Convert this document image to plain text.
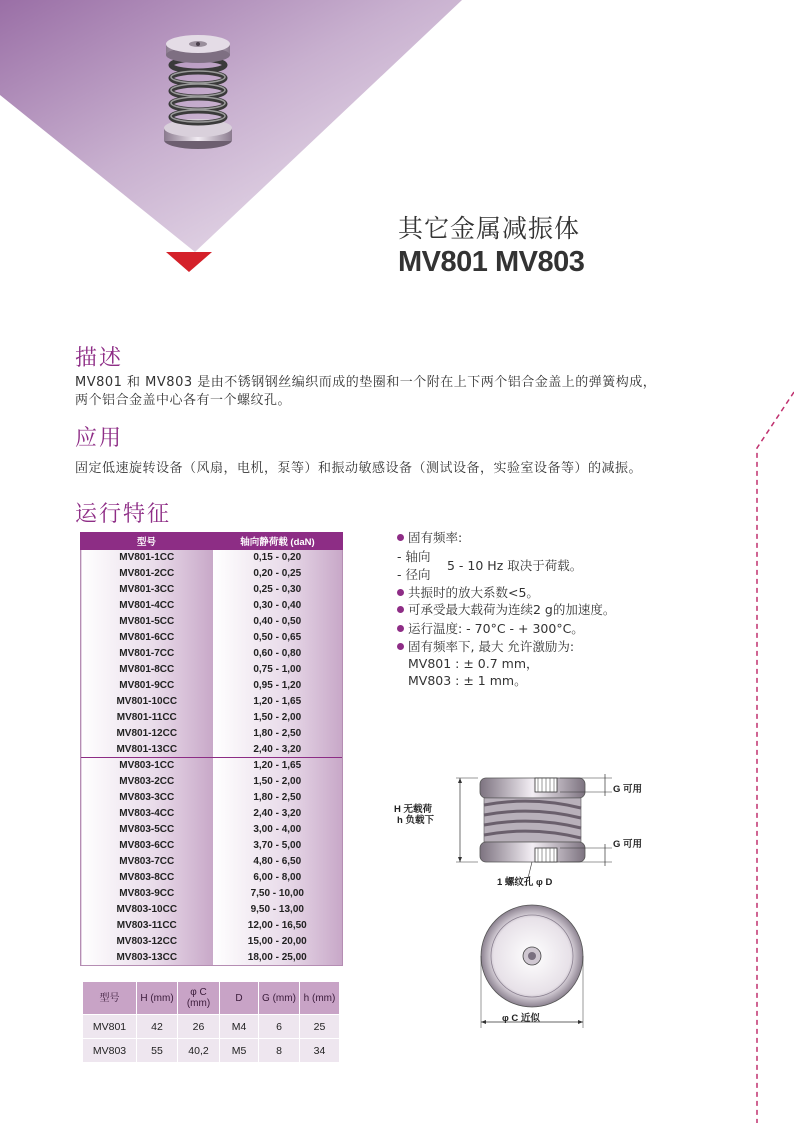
其它金属减振体
MV801 MV803
描述
MV801 和 MV803 是由不锈钢钢丝编织而成的垫圈和一个附在上下两个铝合金盖上的弹簧构成，
两个铝合金盖中心各有一个螺纹孔。
应用
固定低速旋转设备（风扇，电机，泵等）和振动敏感设备（测试设备，实验室设备等）的减振。
运行特征
型号	轴向静荷载 (daN)
MV801-1CC	0,15 - 0,20
MV801-2CC	0,20 - 0,25
MV801-3CC	0,25 - 0,30
MV801-4CC	0,30 - 0,40
MV801-5CC	0,40 - 0,50
MV801-6CC	0,50 - 0,65
MV801-7CC	0,60 - 0,80
MV801-8CC	0,75 - 1,00
MV801-9CC	0,95 - 1,20
MV801-10CC	1,20 - 1,65
MV801-11CC	1,50 - 2,00
MV801-12CC	1,80 - 2,50
MV801-13CC	2,40 - 3,20
MV803-1CC	1,20 - 1,65
MV803-2CC	1,50 - 2,00
MV803-3CC	1,80 - 2,50
MV803-4CC	2,40 - 3,20
MV803-5CC	3,00 - 4,00
MV803-6CC	3,70 - 5,00
MV803-7CC	4,80 - 6,50
MV803-8CC	6,00 - 8,00
MV803-9CC	7,50 - 10,00
MV803-10CC	9,50 - 13,00
MV803-11CC	12,00 - 16,50
MV803-12CC	15,00 - 20,00
MV803-13CC	18,00 - 25,00
型号	H (mm)	φ C (mm)	D	G (mm)	h (mm)
MV801	42	26	M4	6	25
MV803	55	40,2	M5	8	34
固有频率:
- 轴向
5 - 10 Hz 取决于荷载。
- 径向
共振时的放大系数<5。
可承受最大载荷为连续2 g的加速度。
运行温度: - 70°C - + 300°C。
固有频率下, 最大 允许激励为:
MV801 : ± 0.7 mm，
MV803 : ± 1 mm。
H 无载荷
h 负载下
G 可用
G 可用
1 螺纹孔 φ D
φ C 近似
